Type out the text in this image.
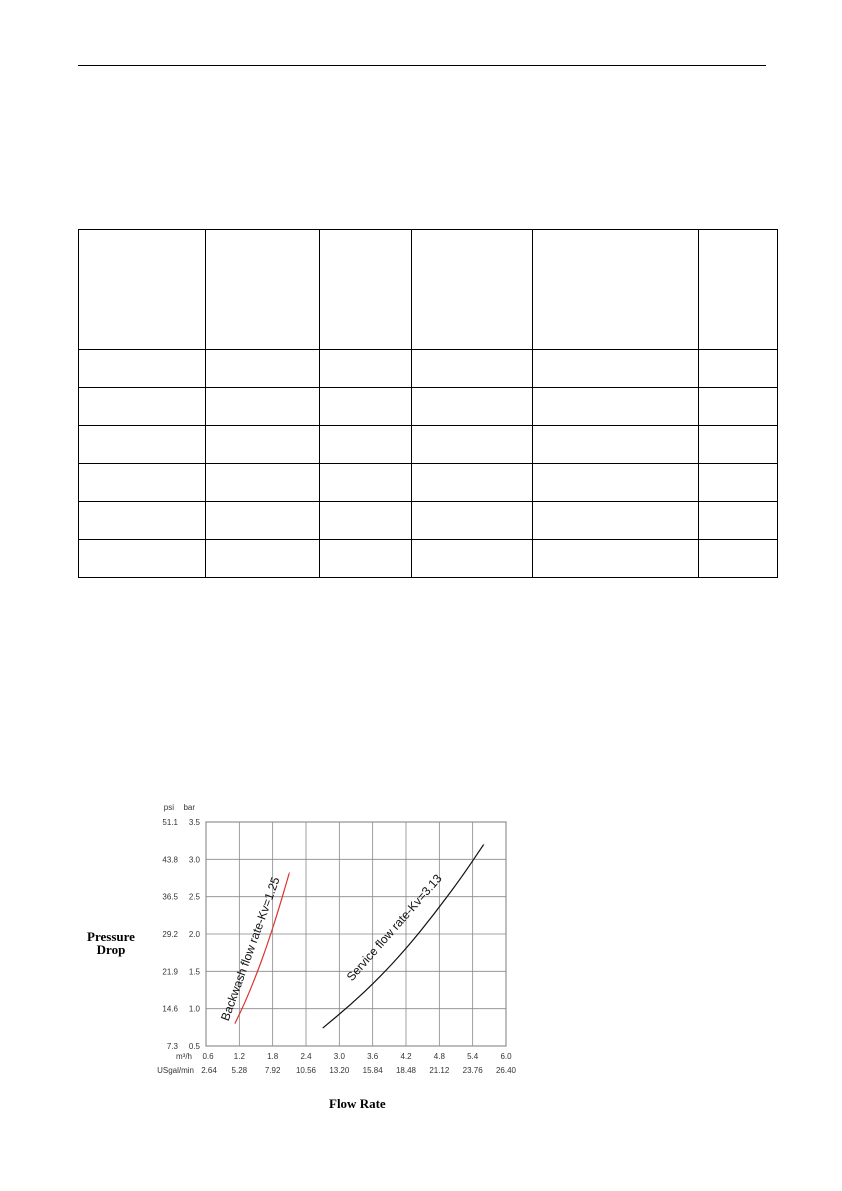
Pressure
Drop
Flow Rate
0.5
1.0
1.5
2.0
2.5
3.0
3.5
7.3
14.6
21.9
29.2
36.5
43.8
51.1
psi bar
0.6	1.2	1.8	2.4	3.0	3.6	4.2	4.8	5.4	6.0
2.64 5.28 7.92 10.56 13.20 15.84 18.48 21.12 23.76 26.40
m³/h
USgal/min
Backwash flow rate-Kv=1.25	Service flow rate-Kv=3.13
